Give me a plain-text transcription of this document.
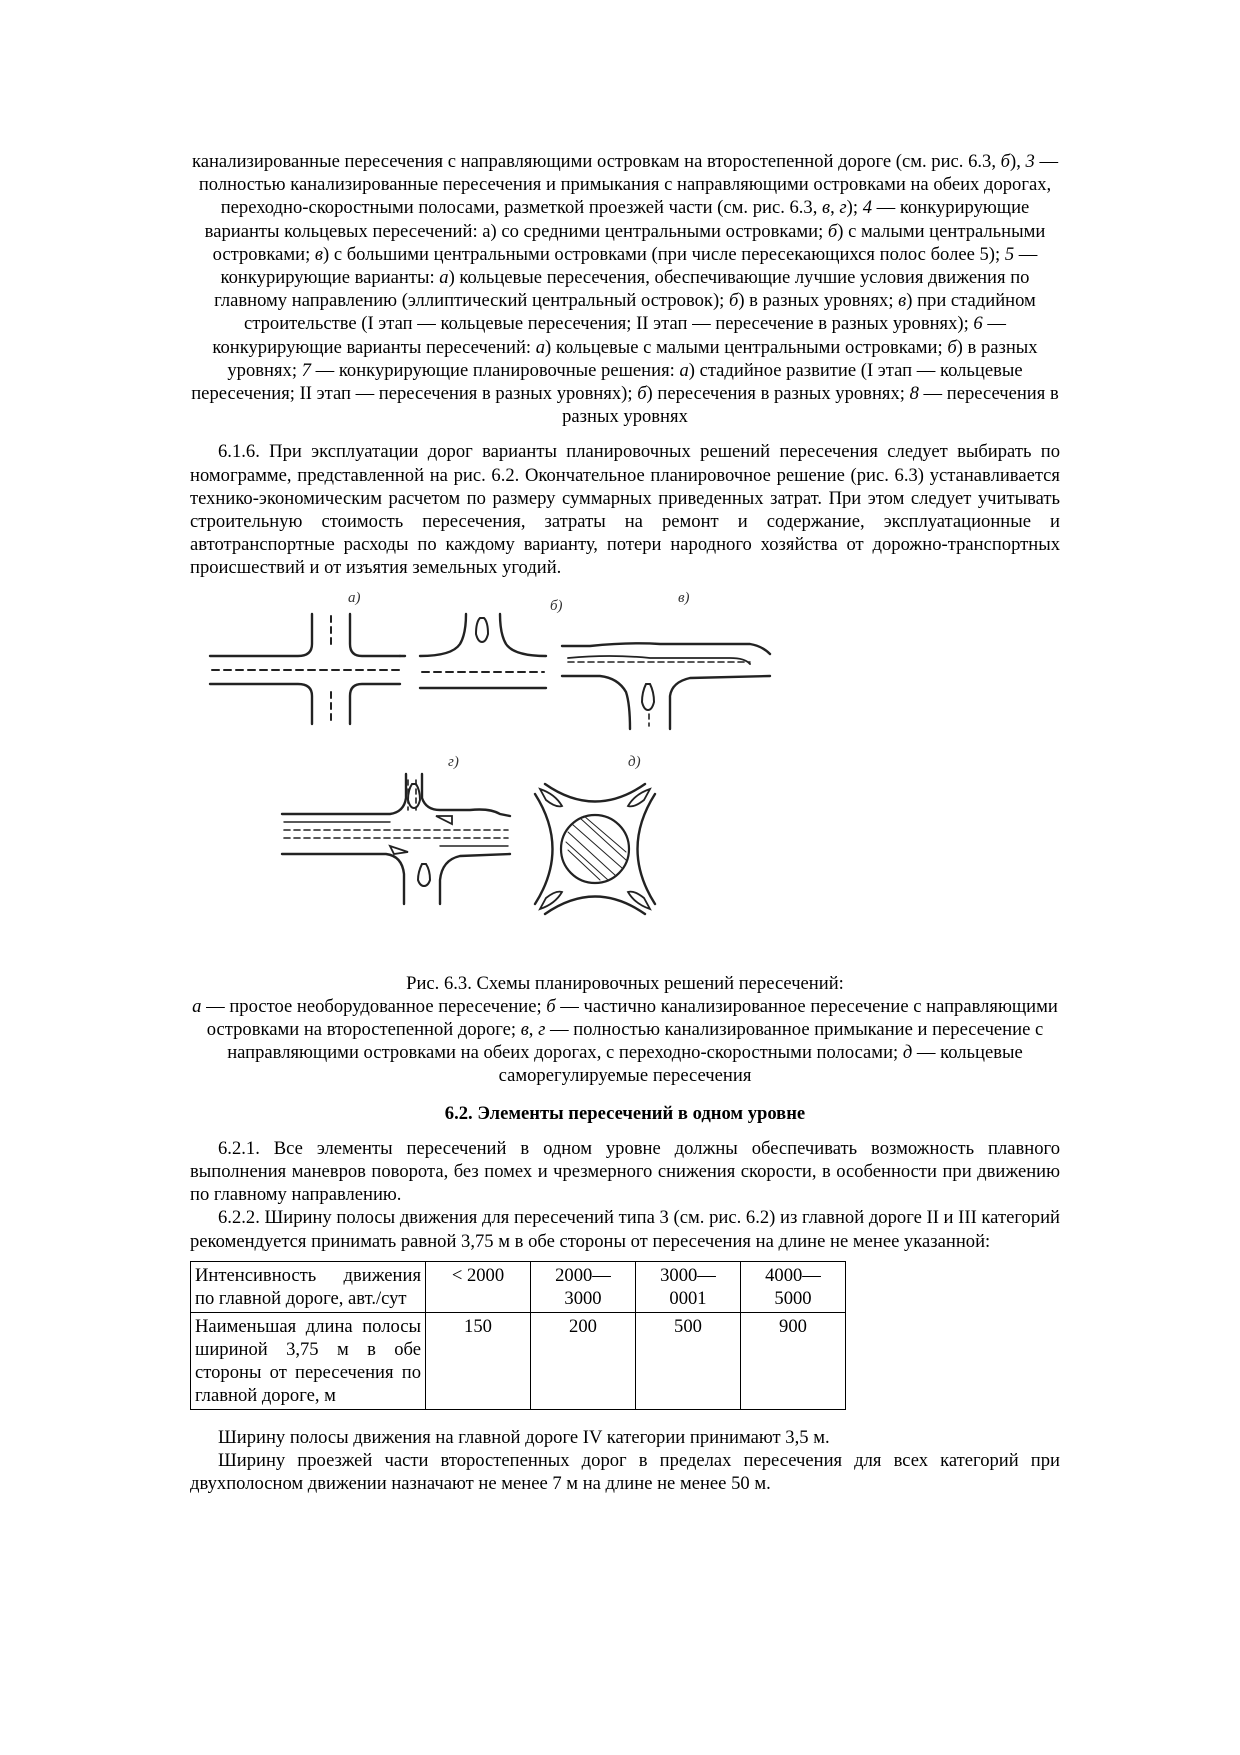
канализированные пересечения с направляющими островкам на второстепенной дороге (см. рис. 6.3, б), 3 — полностью канализированные пересечения и примыкания с направляющими островками на обеих дорогах, переходно-скоростными полосами, разметкой проезжей части (см. рис. 6.3, в, г); 4 — конкурирующие варианты кольцевых пересечений: а) со средними центральными островками; б) с малыми центральными островками; в) с большими центральными островками (при числе пересекающихся полос более 5); 5 — конкурирующие варианты: а) кольцевые пересечения, обеспечивающие лучшие условия движения по главному направлению (эллиптический центральный островок); б) в разных уровнях; в) при стадийном строительстве (I этап — кольцевые пересечения; II этап — пересечение в разных уровнях); 6 — конкурирующие варианты пересечений: а) кольцевые с малыми центральными островками; б) в разных уровнях; 7 — конкурирующие планировочные решения: а) стадийное развитие (I этап — кольцевые пересечения; II этап — пересечения в разных уровнях); б) пересечения в разных уровнях; 8 — пересечения в разных уровнях

6.1.6. При эксплуатации дорог варианты планировочных решений пересечения следует выбирать по номограмме, представленной на рис. 6.2. Окончательное планировочное решение (рис. 6.3) устанавливается технико-экономическим расчетом по размеру суммарных приведенных затрат. При этом следует учитывать строительную стоимость пересечения, затраты на ремонт и содержание, эксплуатационные и автотранспортные расходы по каждому варианту, потери народного хозяйства от дорожно-транспортных происшествий и от изъятия земельных угодий.

а)	б)	в)
г)	д)

Рис. 6.3. Схемы планировочных решений пересечений:

а — простое необорудованное пересечение; б — частично канализированное пересечение с направляющими островками на второстепенной дороге; в, г — полностью канализированное примыкание и пересечение с направляющими островками на обеих дорогах, с переходно-скоростными полосами; д — кольцевые саморегулируемые пересечения

6.2. Элементы пересечений в одном уровне

6.2.1. Все элементы пересечений в одном уровне должны обеспечивать возможность плавного выполнения маневров поворота, без помех и чрезмерного снижения скорости, в особенности при движению по главному направлению.

6.2.2. Ширину полосы движения для пересечений типа 3 (см. рис. 6.2) из главной дороге II и III категорий рекомендуется принимать равной 3,75 м в обе стороны от пересечения на длине не менее указанной:

Интенсивность движения по главной дороге, авт./сут	< 2000	2000—3000	3000—0001	4000—5000
Наименьшая длина полосы шириной 3,75 м в обе стороны от пересечения по главной дороге, м	150	200	500	900

Ширину полосы движения на главной дороге IV категории принимают 3,5 м.

Ширину проезжей части второстепенных дорог в пределах пересечения для всех категорий при двухполосном движении назначают не менее 7 м на длине не менее 50 м.
